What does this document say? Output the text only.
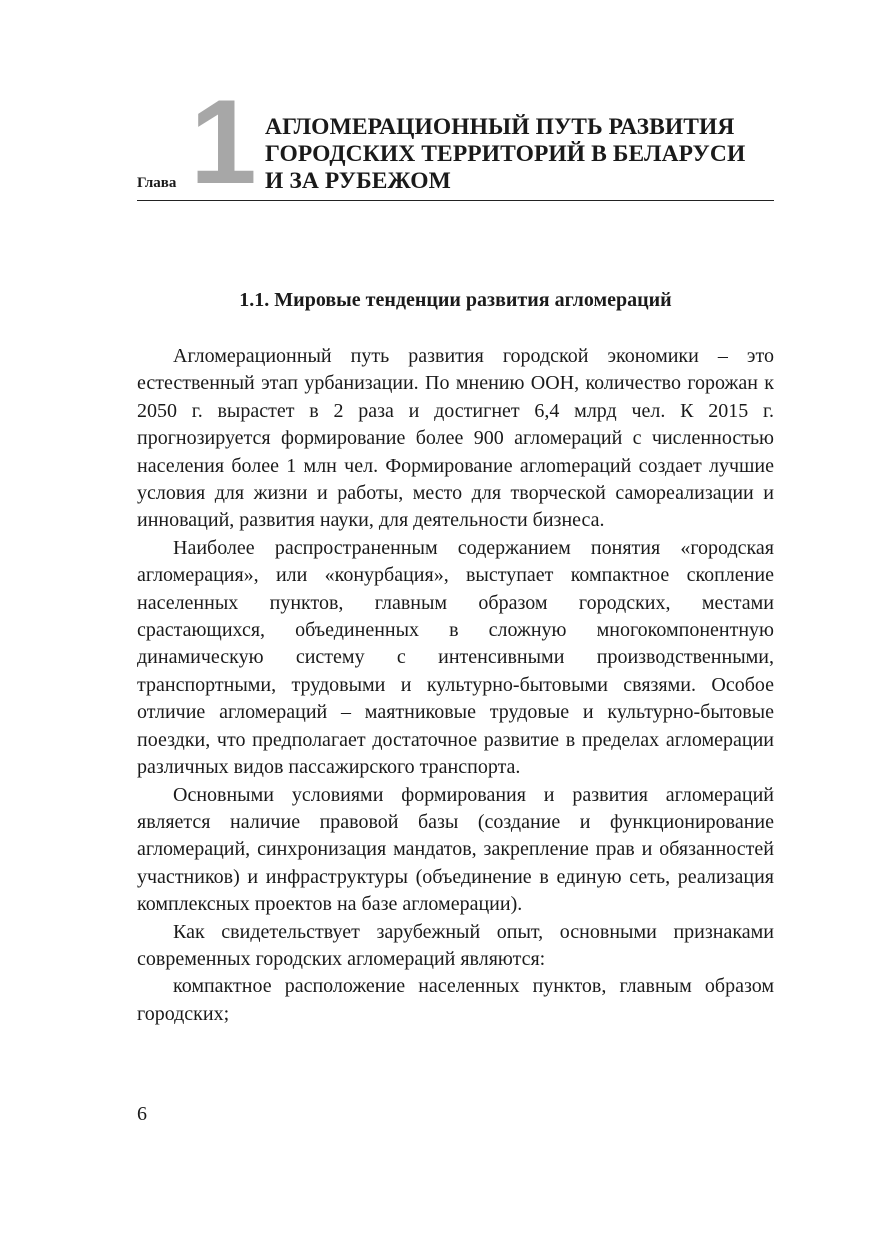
Глава 1 АГЛОМЕРАЦИОННЫЙ ПУТЬ РАЗВИТИЯ
ГОРОДСКИХ ТЕРРИТОРИЙ В БЕЛАРУСИ
И ЗА РУБЕЖОМ
1.1. Мировые тенденции развития агломераций

Агломерационный путь развития городской экономики – это естественный этап урбанизации. По мнению ООН, количество горожан к 2050 г. вырастет в 2 раза и достигнет 6,4 млрд чел. К 2015 г. прогнозируется формирование более 900 агломераций с численностью населения более 1 млн чел. Формирование аглоmераций создает лучшие условия для жизни и работы, место для творческой самореализации и инноваций, развития науки, для деятельности бизнеса.

Наиболее распространенным содержанием понятия «городская агломерация», или «конурбация», выступает компактное скопление населенных пунктов, главным образом городских, местами срастающихся, объединенных в сложную многокомпонентную динамическую систему с интенсивными производственными, транспортными, трудовыми и культурно-бытовыми связями. Особое отличие агломераций – маятниковые трудовые и культурно-бытовые поездки, что предполагает достаточное развитие в пределах агломерации различных видов пассажирского транспорта.

Основными условиями формирования и развития агломераций является наличие правовой базы (создание и функционирование агломераций, синхронизация мандатов, закрепление прав и обязанностей участников) и инфраструктуры (объединение в единую сеть, реализация комплексных проектов на базе агломерации).

Как свидетельствует зарубежный опыт, основными признаками современных городских агломераций являются:

компактное расположение населенных пунктов, главным образом городских;

6
